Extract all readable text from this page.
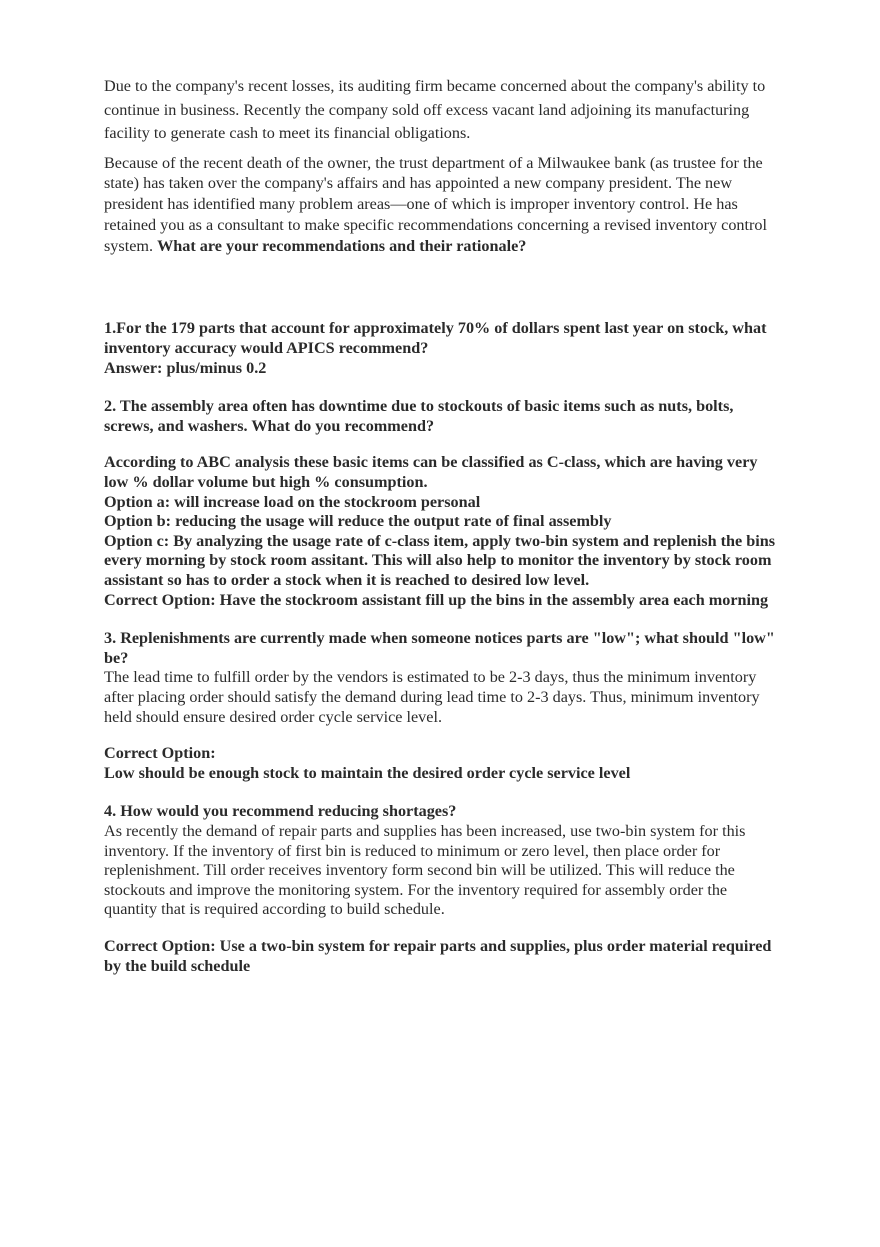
Due to the company's recent losses, its auditing firm became concerned about the company's ability to continue in business. Recently the company sold off excess vacant land adjoining its manufacturing facility to generate cash to meet its financial obligations.

Because of the recent death of the owner, the trust department of a Milwaukee bank (as trustee for the state) has taken over the company's affairs and has appointed a new company president. The new president has identified many problem areas—one of which is improper inventory control. He has retained you as a consultant to make specific recommendations concerning a revised inventory control system. What are your recommendations and their rationale?

1.For the 179 parts that account for approximately 70% of dollars spent last year on stock, what inventory accuracy would APICS recommend?
Answer: plus/minus 0.2
2. The assembly area often has downtime due to stockouts of basic items such as nuts, bolts, screws, and washers. What do you recommend?
According to ABC analysis these basic items can be classified as C-class, which are having very low % dollar volume but high % consumption.
Option a: will increase load on the stockroom personal
Option b: reducing the usage will reduce the output rate of final assembly
Option c: By analyzing the usage rate of c-class item, apply two-bin system and replenish the bins every morning by stock room assitant. This will also help to monitor the inventory by stock room assistant so has to order a stock when it is reached to desired low level.
Correct Option: Have the stockroom assistant fill up the bins in the assembly area each morning
3. Replenishments are currently made when someone notices parts are "low"; what should "low" be?
The lead time to fulfill order by the vendors is estimated to be 2-3 days, thus the minimum inventory after placing order should satisfy the demand during lead time to 2-3 days. Thus, minimum inventory held should ensure desired order cycle service level.
Correct Option:
Low should be enough stock to maintain the desired order cycle service level
4. How would you recommend reducing shortages?
As recently the demand of repair parts and supplies has been increased, use two-bin system for this inventory. If the inventory of first bin is reduced to minimum or zero level, then place order for replenishment. Till order receives inventory form second bin will be utilized. This will reduce the stockouts and improve the monitoring system. For the inventory required for assembly order the quantity that is required according to build schedule.
Correct Option: Use a two-bin system for repair parts and supplies, plus order material required by the build schedule
